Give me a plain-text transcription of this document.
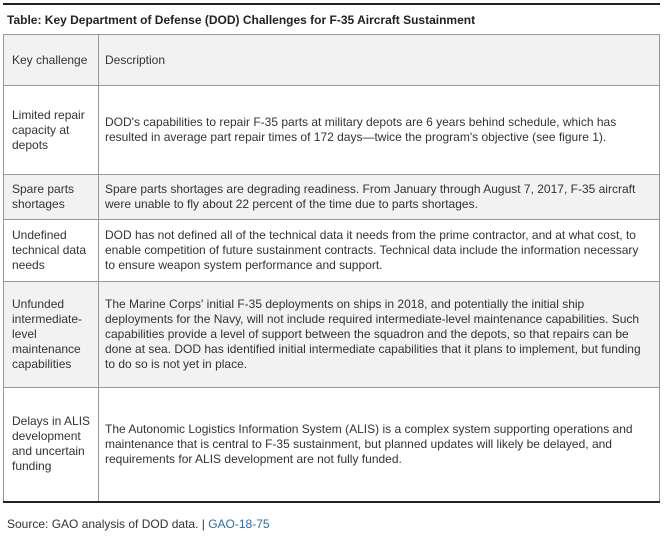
Table: Key Department of Defense (DOD) Challenges for F-35 Aircraft Sustainment
Key challenge	Description
Limited repair capacity at depots	DOD's capabilities to repair F-35 parts at military depots are 6 years behind schedule, which has resulted in average part repair times of 172 days—twice the program's objective (see figure 1).
Spare parts shortages	Spare parts shortages are degrading readiness. From January through August 7, 2017, F-35 aircraft were unable to fly about 22 percent of the time due to parts shortages.
Undefined technical data needs	DOD has not defined all of the technical data it needs from the prime contractor, and at what cost, to enable competition of future sustainment contracts. Technical data include the information necessary to ensure weapon system performance and support.
Unfunded intermediate-level maintenance capabilities	The Marine Corps' initial F-35 deployments on ships in 2018, and potentially the initial ship deployments for the Navy, will not include required intermediate-level maintenance capabilities. Such capabilities provide a level of support between the squadron and the depots, so that repairs can be done at sea. DOD has identified initial intermediate capabilities that it plans to implement, but funding to do so is not yet in place.
Delays in ALIS development and uncertain funding	The Autonomic Logistics Information System (ALIS) is a complex system supporting operations and maintenance that is central to F-35 sustainment, but planned updates will likely be delayed, and requirements for ALIS development are not fully funded.
Source: GAO analysis of DOD data. | GAO-18-75
